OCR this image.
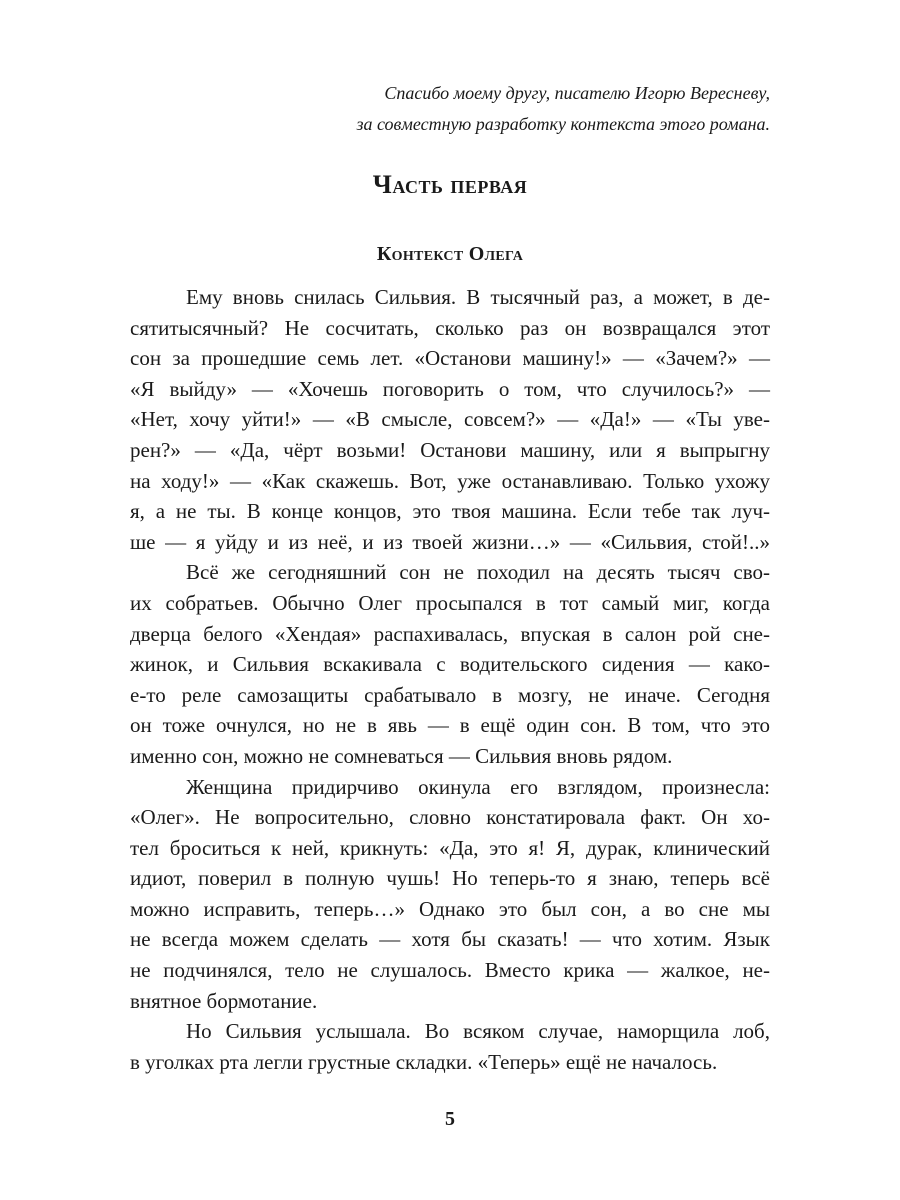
Спасибо моему другу, писателю Игорю Вересневу,
за совместную разработку контекста этого романа.
Часть первая
Контекст Олега
Ему вновь снилась Сильвия. В тысячный раз, а может, в де-
сятитысячный? Не сосчитать, сколько раз он возвращался этот
сон за прошедшие семь лет. «Останови машину!» — «Зачем?» —
«Я выйду» — «Хочешь поговорить о том, что случилось?» —
«Нет, хочу уйти!» — «В смысле, совсем?» — «Да!» — «Ты уве-
рен?» — «Да, чёрт возьми! Останови машину, или я выпрыгну
на ходу!» — «Как скажешь. Вот, уже останавливаю. Только ухожу
я, а не ты. В конце концов, это твоя машина. Если тебе так луч-
ше — я уйду и из неё, и из твоей жизни…» — «Сильвия, стой!..»
Всё же сегодняшний сон не походил на десять тысяч сво-
их собратьев. Обычно Олег просыпался в тот самый миг, когда
дверца белого «Хендая» распахивалась, впуская в салон рой сне-
жинок, и Сильвия вскакивала с водительского сидения — како-
е-то реле самозащиты срабатывало в мозгу, не иначе. Сегодня
он тоже очнулся, но не в явь — в ещё один сон. В том, что это
именно сон, можно не сомневаться — Сильвия вновь рядом.
Женщина придирчиво окинула его взглядом, произнесла:
«Олег». Не вопросительно, словно констатировала факт. Он хо-
тел броситься к ней, крикнуть: «Да, это я! Я, дурак, клинический
идиот, поверил в полную чушь! Но теперь-то я знаю, теперь всё
можно исправить, теперь…» Однако это был сон, а во сне мы
не всегда можем сделать — хотя бы сказать! — что хотим. Язык
не подчинялся, тело не слушалось. Вместо крика — жалкое, не-
внятное бормотание.
Но Сильвия услышала. Во всяком случае, наморщила лоб,
в уголках рта легли грустные складки. «Теперь» ещё не началось.
5
